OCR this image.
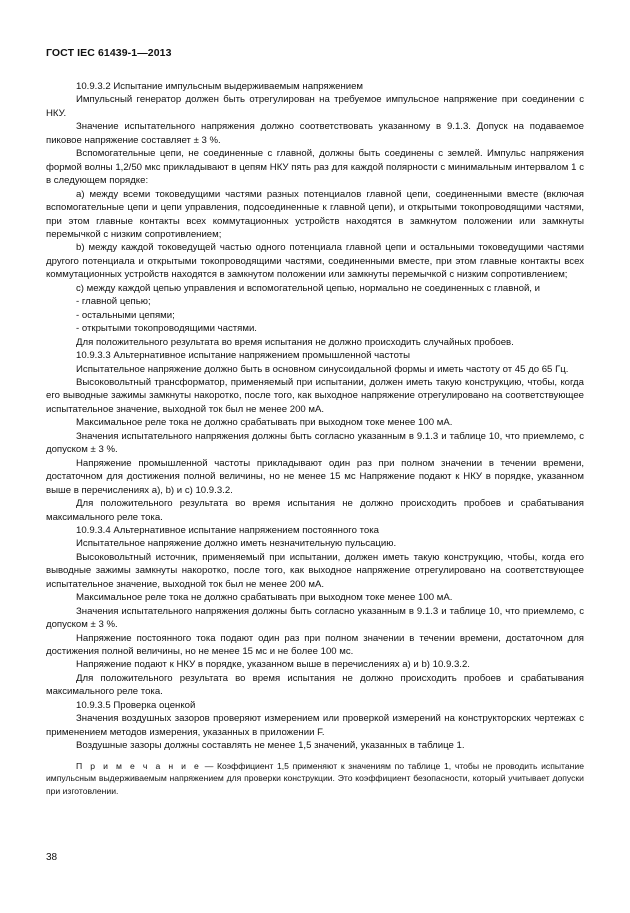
ГОСТ IEC 61439-1—2013

10.9.3.2 Испытание импульсным выдерживаемым напряжением

Импульсный генератор должен быть отрегулирован на требуемое импульсное напряжение при соединении с НКУ.

Значение испытательного напряжения должно соответствовать указанному в 9.1.3. Допуск на подаваемое пиковое напряжение составляет ± 3 %.

Вспомогательные цепи, не соединенные с главной, должны быть соединены с землей. Импульс напряжения формой волны 1,2/50 мкс прикладывают в цепям НКУ пять раз для каждой полярности с минимальным интервалом 1 с в следующем порядке:

a) между всеми токоведущими частями разных потенциалов главной цепи, соединенными вместе (включая вспомогательные цепи и цепи управления, подсоединенные к главной цепи), и открытыми токопроводящими частями, при этом главные контакты всех коммутационных устройств находятся в замкнутом положении или замкнуты перемычкой с низким сопротивлением;

b) между каждой токоведущей частью одного потенциала главной цепи и остальными токоведущими частями другого потенциала и открытыми токопроводящими частями, соединенными вместе, при этом главные контакты всех коммутационных устройств находятся в замкнутом положении или замкнуты перемычкой с низким сопротивлением;

c) между каждой цепью управления и вспомогательной цепью, нормально не соединенных с главной, и

- главной цепью;

- остальными цепями;

- открытыми токопроводящими частями.

Для положительного результата во время испытания не должно происходить случайных пробоев.

10.9.3.3 Альтернативное испытание напряжением промышленной частоты

Испытательное напряжение должно быть в основном синусоидальной формы и иметь частоту от 45 до 65 Гц.

Высоковольтный трансформатор, применяемый при испытании, должен иметь такую конструкцию, чтобы, когда его выводные зажимы замкнуты накоротко, после того, как выходное напряжение отрегулировано на соответствующее испытательное значение, выходной ток был не менее 200 мА.

Максимальное реле тока не должно срабатывать при выходном токе менее 100 мА.

Значения испытательного напряжения должны быть согласно указанным в 9.1.3 и таблице 10, что приемлемо, с допуском ± 3 %.

Напряжение промышленной частоты прикладывают один раз при полном значении в течении времени, достаточном для достижения полной величины, но не менее 15 мс Напряжение подают к НКУ в порядке, указанном выше в перечислениях a), b) и c) 10.9.3.2.

Для положительного результата во время испытания не должно происходить пробоев и срабатывания максимального реле тока.

10.9.3.4 Альтернативное испытание напряжением постоянного тока

Испытательное напряжение должно иметь незначительную пульсацию.

Высоковольтный источник, применяемый при испытании, должен иметь такую конструкцию, чтобы, когда его выводные зажимы замкнуты накоротко, после того, как выходное напряжение отрегулировано на соответствующее испытательное значение, выходной ток был не менее 200 мА.

Максимальное реле тока не должно срабатывать при выходном токе менее 100 мА.

Значения испытательного напряжения должны быть согласно указанным в 9.1.3 и таблице 10, что приемлемо, с допуском ± 3 %.

Напряжение постоянного тока подают один раз при полном значении в течении времени, достаточном для достижения полной величины, но не менее 15 мс и не более 100 мс.

Напряжение подают к НКУ в порядке, указанном выше в перечислениях a) и b) 10.9.3.2.

Для положительного результата во время испытания не должно происходить пробоев и срабатывания максимального реле тока.

10.9.3.5 Проверка оценкой

Значения воздушных зазоров проверяют измерением или проверкой измерений на конструкторских чертежах с применением методов измерения, указанных в приложении F.

Воздушные зазоры должны составлять не менее 1,5 значений, указанных в таблице 1.

П р и м е ч а н и е — Коэффициент 1,5 применяют к значениям по таблице 1, чтобы не проводить испытание импульсным выдерживаемым напряжением для проверки конструкции. Это коэффициент безопасности, который учитывает допуски при изготовлении.

38
